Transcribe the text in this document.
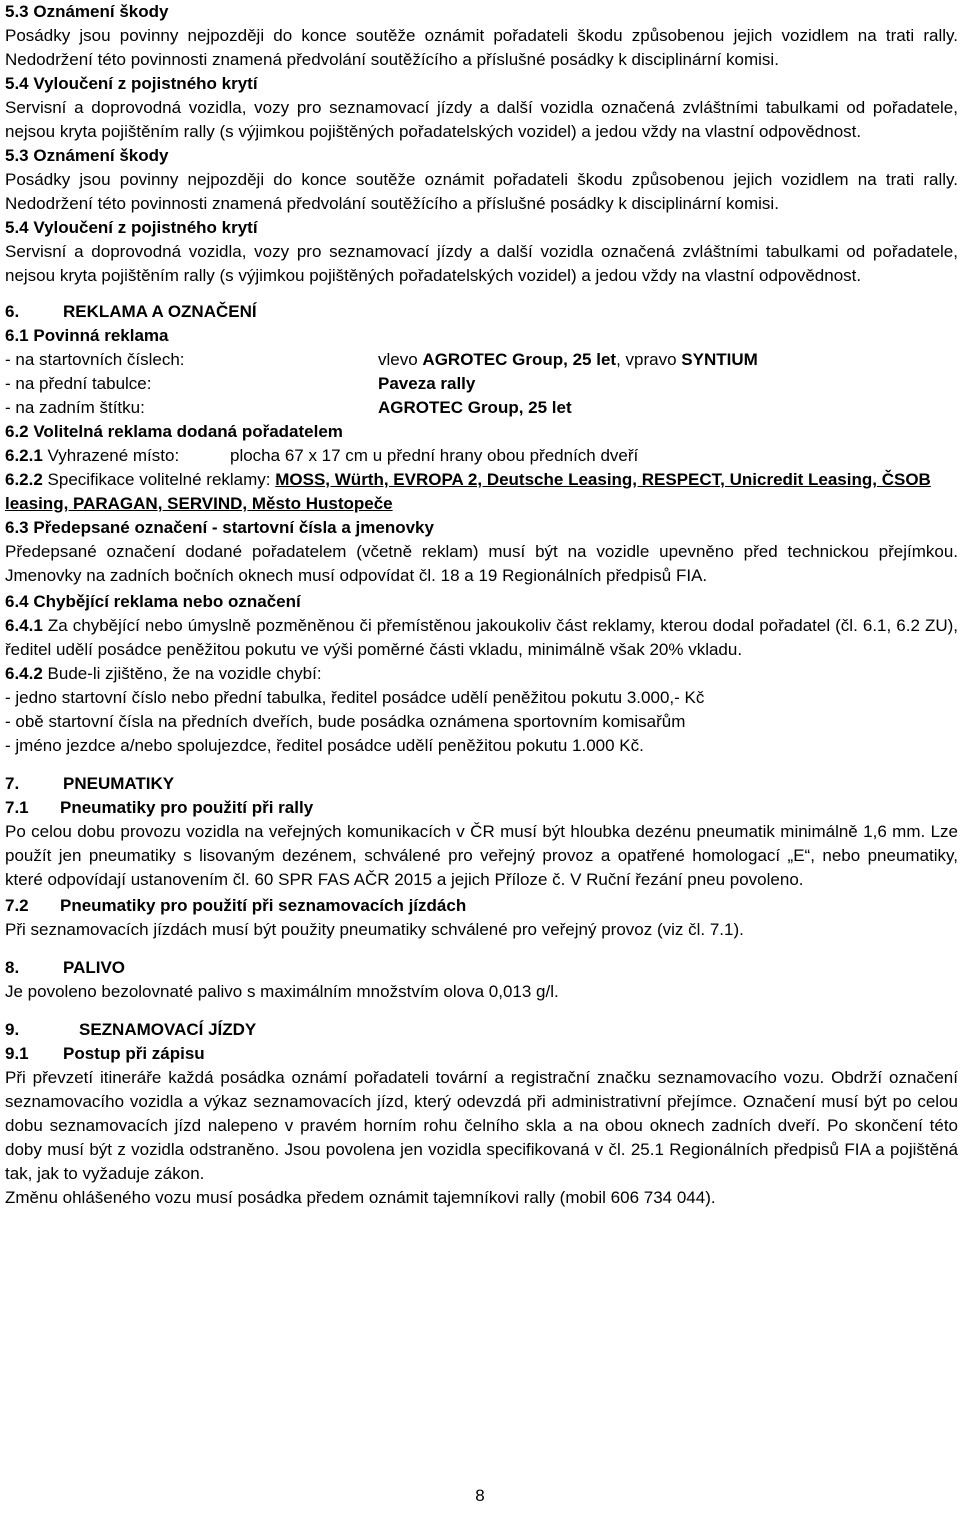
5.3 Oznámení škody

Posádky jsou povinny nejpozději do konce soutěže oznámit pořadateli škodu způsobenou jejich vozidlem na trati rally. Nedodržení této povinnosti znamená předvolání soutěžícího a příslušné posádky k disciplinární komisi.

5.4 Vyloučení z pojistného krytí

Servisní a doprovodná vozidla, vozy pro seznamovací jízdy a další vozidla označená zvláštními tabulkami od pořadatele, nejsou kryta pojištěním rally (s výjimkou pojištěných pořadatelských vozidel) a jedou vždy na vlastní odpovědnost.

5.3 Oznámení škody

Posádky jsou povinny nejpozději do konce soutěže oznámit pořadateli škodu způsobenou jejich vozidlem na trati rally. Nedodržení této povinnosti znamená předvolání soutěžícího a příslušné posádky k disciplinární komisi.

5.4 Vyloučení z pojistného krytí

Servisní a doprovodná vozidla, vozy pro seznamovací jízdy a další vozidla označená zvláštními tabulkami od pořadatele, nejsou kryta pojištěním rally (s výjimkou pojištěných pořadatelských vozidel) a jedou vždy na vlastní odpovědnost.

6.	REKLAMA A OZNAČENÍ

6.1 Povinná reklama

- na startovních číslech:	vlevo AGROTEC Group, 25 let, vpravo SYNTIUM
- na přední tabulce:	Paveza rally
- na zadním štítku:	AGROTEC Group, 25 let

6.2 Volitelná reklama dodaná pořadatelem

6.2.1 Vyhrazené místo:	plocha 67 x 17 cm u přední hrany obou předních dveří

6.2.2 Specifikace volitelné reklamy: MOSS, Würth, EVROPA 2, Deutsche Leasing, RESPECT, Unicredit Leasing, ČSOB leasing, PARAGAN, SERVIND, Město Hustopeče

6.3 Předepsané označení - startovní čísla a jmenovky

Předepsané označení dodané pořadatelem (včetně reklam) musí být na vozidle upevněno před technickou přejímkou. Jmenovky na zadních bočních oknech musí odpovídat čl. 18 a 19 Regionálních předpisů FIA.

6.4 Chybějící reklama nebo označení

6.4.1 Za chybějící nebo úmyslně pozměněnou či přemístěnou jakoukoliv část reklamy, kterou dodal pořadatel (čl. 6.1, 6.2 ZU), ředitel udělí posádce peněžitou pokutu ve výši poměrné části vkladu, minimálně však 20% vkladu.

6.4.2 Bude-li zjištěno, že na vozidle chybí:

- jedno startovní číslo nebo přední tabulka, ředitel posádce udělí peněžitou pokutu 3.000,- Kč

- obě startovní čísla na předních dveřích, bude posádka oznámena sportovním komisařům

- jméno jezdce a/nebo spolujezdce, ředitel posádce udělí peněžitou pokutu 1.000 Kč.

7.	PNEUMATIKY

7.1 Pneumatiky pro použití při rally

Po celou dobu provozu vozidla na veřejných komunikacích v ČR musí být hloubka dezénu pneumatik minimálně 1,6 mm. Lze použít jen pneumatiky s lisovaným dezénem, schválené pro veřejný provoz a opatřené homologací „E“, nebo pneumatiky, které odpovídají ustanovením čl. 60 SPR FAS AČR 2015 a jejich Příloze č. V Ruční řezání pneu povoleno.

7.2 Pneumatiky pro použití při seznamovacích jízdách

Při seznamovacích jízdách musí být použity pneumatiky schválené pro veřejný provoz (viz čl. 7.1).

8.	PALIVO

Je povoleno bezolovnaté palivo s maximálním množstvím olova 0,013 g/l.

9.	SEZNAMOVACÍ JÍZDY

9.1 Postup při zápisu

Při převzetí itineráře každá posádka oznámí pořadateli tovární a registrační značku seznamovacího vozu. Obdrží označení seznamovacího vozidla a výkaz seznamovacích jízd, který odevzdá při administrativní přejímce. Označení musí být po celou dobu seznamovacích jízd nalepeno v pravém horním rohu čelního skla a na obou oknech zadních dveří. Po skončení této doby musí být z vozidla odstraněno. Jsou povolena jen vozidla specifikovaná v čl. 25.1 Regionálních předpisů FIA a pojištěná tak, jak to vyžaduje zákon.

Změnu ohlášeného vozu musí posádka předem oznámit tajemníkovi rally (mobil 606 734 044).

8
